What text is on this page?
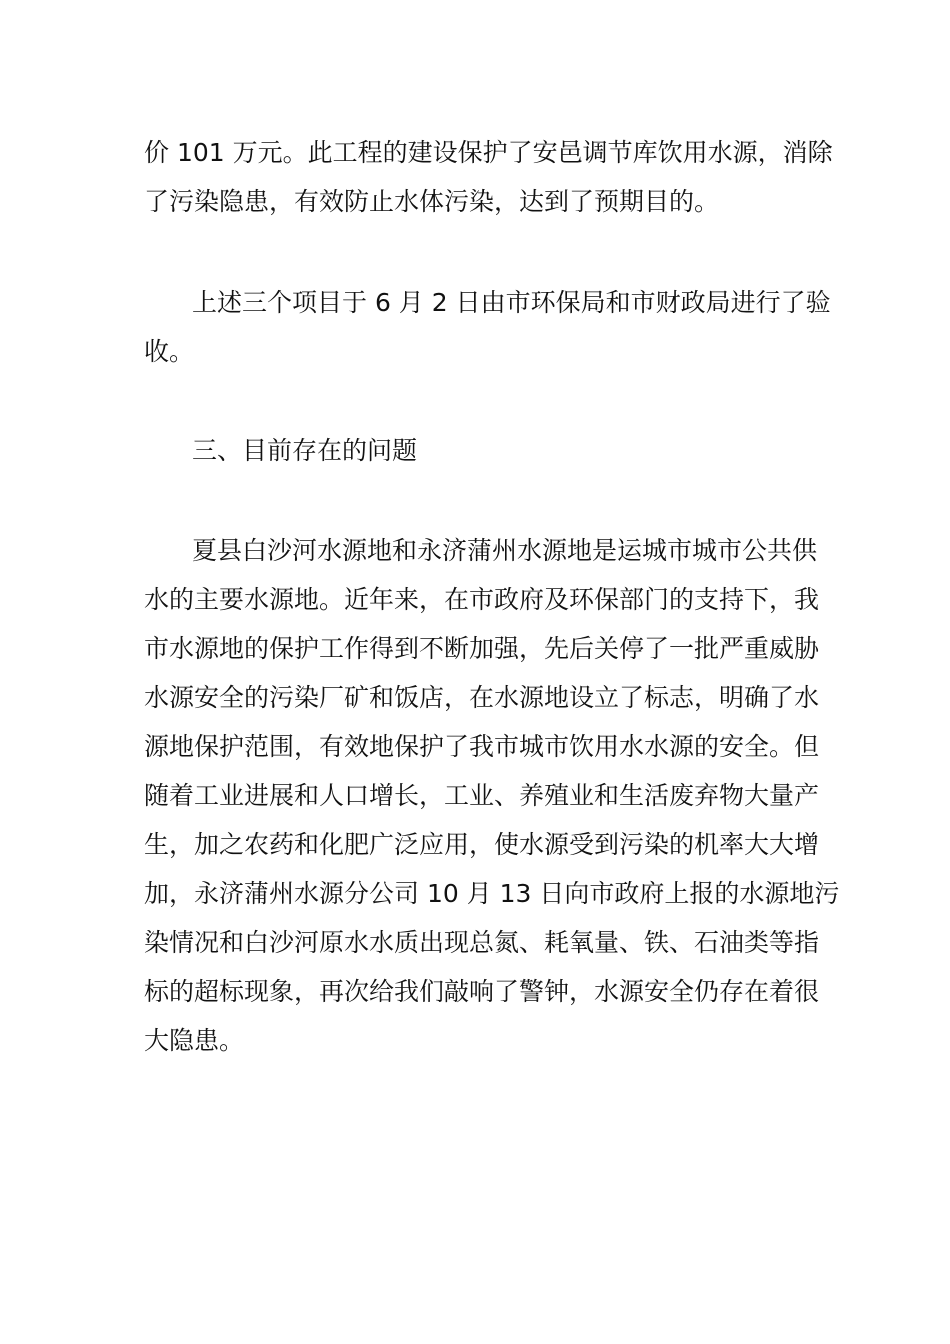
价 101 万元。此工程的建设保护了安邑调节库饮用水源，消除
了污染隐患，有效防止水体污染，达到了预期目的。
上述三个项目于 6 月 2 日由市环保局和市财政局进行了验
收。
三、目前存在的问题
夏县白沙河水源地和永济蒲州水源地是运城市城市公共供
水的主要水源地。近年来，在市政府及环保部门的支持下，我
市水源地的保护工作得到不断加强，先后关停了一批严重威胁
水源安全的污染厂矿和饭店，在水源地设立了标志，明确了水
源地保护范围，有效地保护了我市城市饮用水水源的安全。但
随着工业进展和人口增长，工业、养殖业和生活废弃物大量产
生，加之农药和化肥广泛应用，使水源受到污染的机率大大增
加，永济蒲州水源分公司 10 月 13 日向市政府上报的水源地污
染情况和白沙河原水水质出现总氮、耗氧量、铁、石油类等指
标的超标现象，再次给我们敲响了警钟，水源安全仍存在着很
大隐患。
